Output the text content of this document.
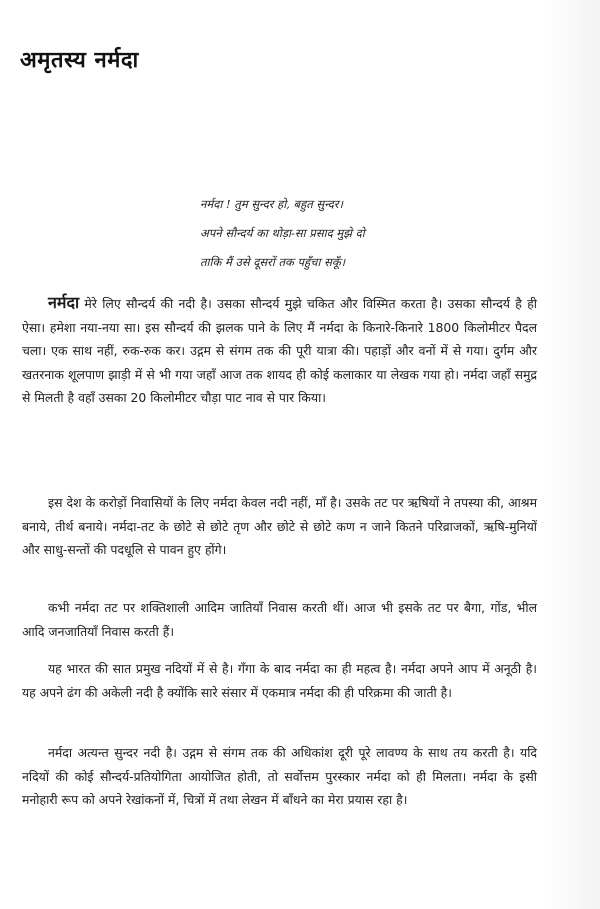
अमृतस्य नर्मदा
नर्मदा ! तुम सुन्दर हो, बहुत सुन्दर।
अपने सौन्दर्य का थोड़ा-सा प्रसाद मुझे दो
ताकि मैं उसे दूसरों तक पहुँचा सकूँ।
नर्मदा मेरे लिए सौन्दर्य की नदी है। उसका सौन्दर्य मुझे चकित और विस्मित करता है। उसका सौन्दर्य है ही ऐसा। हमेशा नया-नया सा। इस सौन्दर्य की झलक पाने के लिए मैं नर्मदा के किनारे-किनारे 1800 किलोमीटर पैदल चला। एक साथ नहीं, रुक-रुक कर। उद्गम से संगम तक की पूरी यात्रा की। पहाड़ों और वनों में से गया। दुर्गम और खतरनाक शूलपाण झाड़ी में से भी गया जहाँ आज तक शायद ही कोई कलाकार या लेखक गया हो। नर्मदा जहाँ समुद्र से मिलती है वहाँ उसका 20 किलोमीटर चौड़ा पाट नाव से पार किया।
इस देश के करोड़ों निवासियों के लिए नर्मदा केवल नदी नहीं, माँ है। उसके तट पर ऋषियों ने तपस्या की, आश्रम बनाये, तीर्थ बनाये। नर्मदा-तट के छोटे से छोटे तृण और छोटे से छोटे कण न जाने कितने परिव्राजकों, ऋषि-मुनियों और साधु-सन्तों की पदधूलि से पावन हुए होंगे।
कभी नर्मदा तट पर शक्तिशाली आदिम जातियाँ निवास करती थीं। आज भी इसके तट पर बैगा, गोंड, भील आदि जनजातियाँ निवास करती हैं।
यह भारत की सात प्रमुख नदियों में से है। गँगा के बाद नर्मदा का ही महत्व है। नर्मदा अपने आप में अनूठी है। यह अपने ढंग की अकेली नदी है क्योंकि सारे संसार में एकमात्र नर्मदा की ही परिक्रमा की जाती है।
नर्मदा अत्यन्त सुन्दर नदी है। उद्गम से संगम तक की अधिकांश दूरी पूरे लावण्य के साथ तय करती है। यदि नदियों की कोई सौन्दर्य-प्रतियोगिता आयोजित होती, तो सर्वोत्तम पुरस्कार नर्मदा को ही मिलता। नर्मदा के इसी मनोहारी रूप को अपने रेखांकनों में, चित्रों में तथा लेखन में बाँधने का मेरा प्रयास रहा है।
